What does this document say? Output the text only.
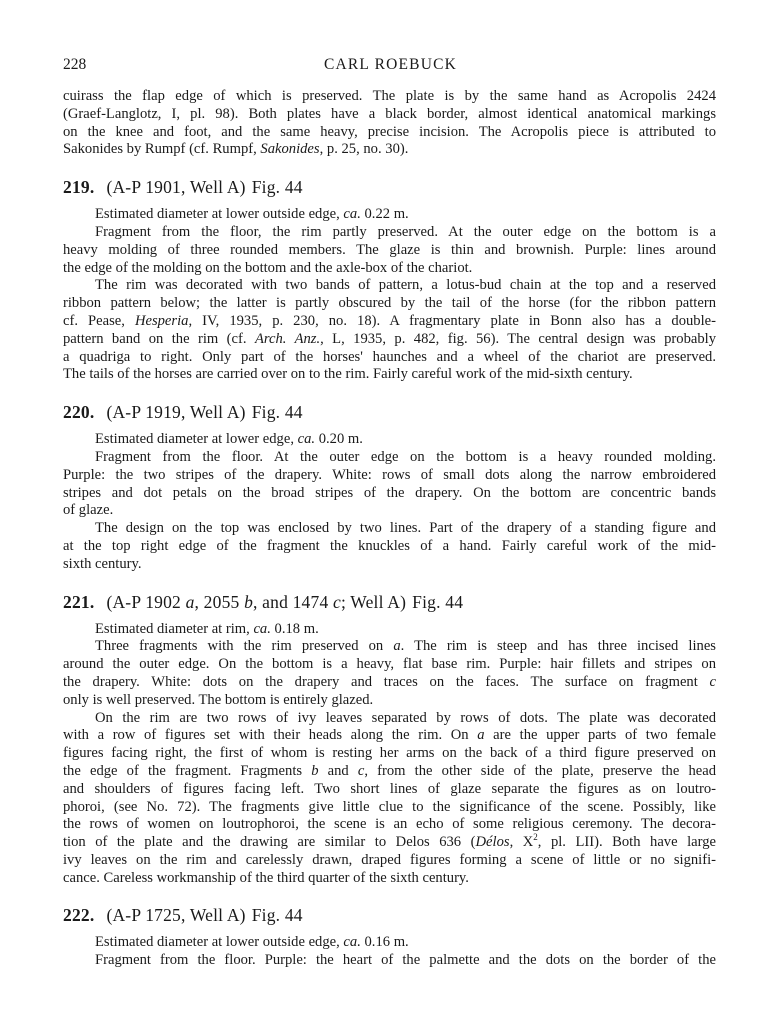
228	CARL ROEBUCK

cuirass the flap edge of which is preserved. The plate is by the same hand as Acropolis 2424

(Graef-Langlotz, I, pl. 98). Both plates have a black border, almost identical anatomical markings

on the knee and foot, and the same heavy, precise incision. The Acropolis piece is attributed to

Sakonides by Rumpf (cf. Rumpf, Sakonides, p. 25, no. 30).

219. (A-P 1901, Well A) Fig. 44

Estimated diameter at lower outside edge, ca. 0.22 m.

Fragment from the floor, the rim partly preserved. At the outer edge on the bottom is a

heavy molding of three rounded members. The glaze is thin and brownish. Purple: lines around

the edge of the molding on the bottom and the axle-box of the chariot.

The rim was decorated with two bands of pattern, a lotus-bud chain at the top and a reserved

ribbon pattern below; the latter is partly obscured by the tail of the horse (for the ribbon pattern

cf. Pease, Hesperia, IV, 1935, p. 230, no. 18). A fragmentary plate in Bonn also has a double-

pattern band on the rim (cf. Arch. Anz., L, 1935, p. 482, fig. 56). The central design was probably

a quadriga to right. Only part of the horses' haunches and a wheel of the chariot are preserved.

The tails of the horses are carried over on to the rim. Fairly careful work of the mid-sixth century.

220. (A-P 1919, Well A) Fig. 44

Estimated diameter at lower edge, ca. 0.20 m.

Fragment from the floor. At the outer edge on the bottom is a heavy rounded molding.

Purple: the two stripes of the drapery. White: rows of small dots along the narrow embroidered

stripes and dot petals on the broad stripes of the drapery. On the bottom are concentric bands

of glaze.

The design on the top was enclosed by two lines. Part of the drapery of a standing figure and

at the top right edge of the fragment the knuckles of a hand. Fairly careful work of the mid-

sixth century.

221. (A-P 1902 a, 2055 b, and 1474 c; Well A) Fig. 44

Estimated diameter at rim, ca. 0.18 m.

Three fragments with the rim preserved on a. The rim is steep and has three incised lines

around the outer edge. On the bottom is a heavy, flat base rim. Purple: hair fillets and stripes on

the drapery. White: dots on the drapery and traces on the faces. The surface on fragment c

only is well preserved. The bottom is entirely glazed.

On the rim are two rows of ivy leaves separated by rows of dots. The plate was decorated

with a row of figures set with their heads along the rim. On a are the upper parts of two female

figures facing right, the first of whom is resting her arms on the back of a third figure preserved on

the edge of the fragment. Fragments b and c, from the other side of the plate, preserve the head

and shoulders of figures facing left. Two short lines of glaze separate the figures as on loutro-

phoroi, (see No. 72). The fragments give little clue to the significance of the scene. Possibly, like

the rows of women on loutrophoroi, the scene is an echo of some religious ceremony. The decora-

tion of the plate and the drawing are similar to Delos 636 (Délos, $X^2$, pl. LII). Both have large

ivy leaves on the rim and carelessly drawn, draped figures forming a scene of little or no signifi-

cance. Careless workmanship of the third quarter of the sixth century.

222. (A-P 1725, Well A) Fig. 44

Estimated diameter at lower outside edge, ca. 0.16 m.

Fragment from the floor. Purple: the heart of the palmette and the dots on the border of the
